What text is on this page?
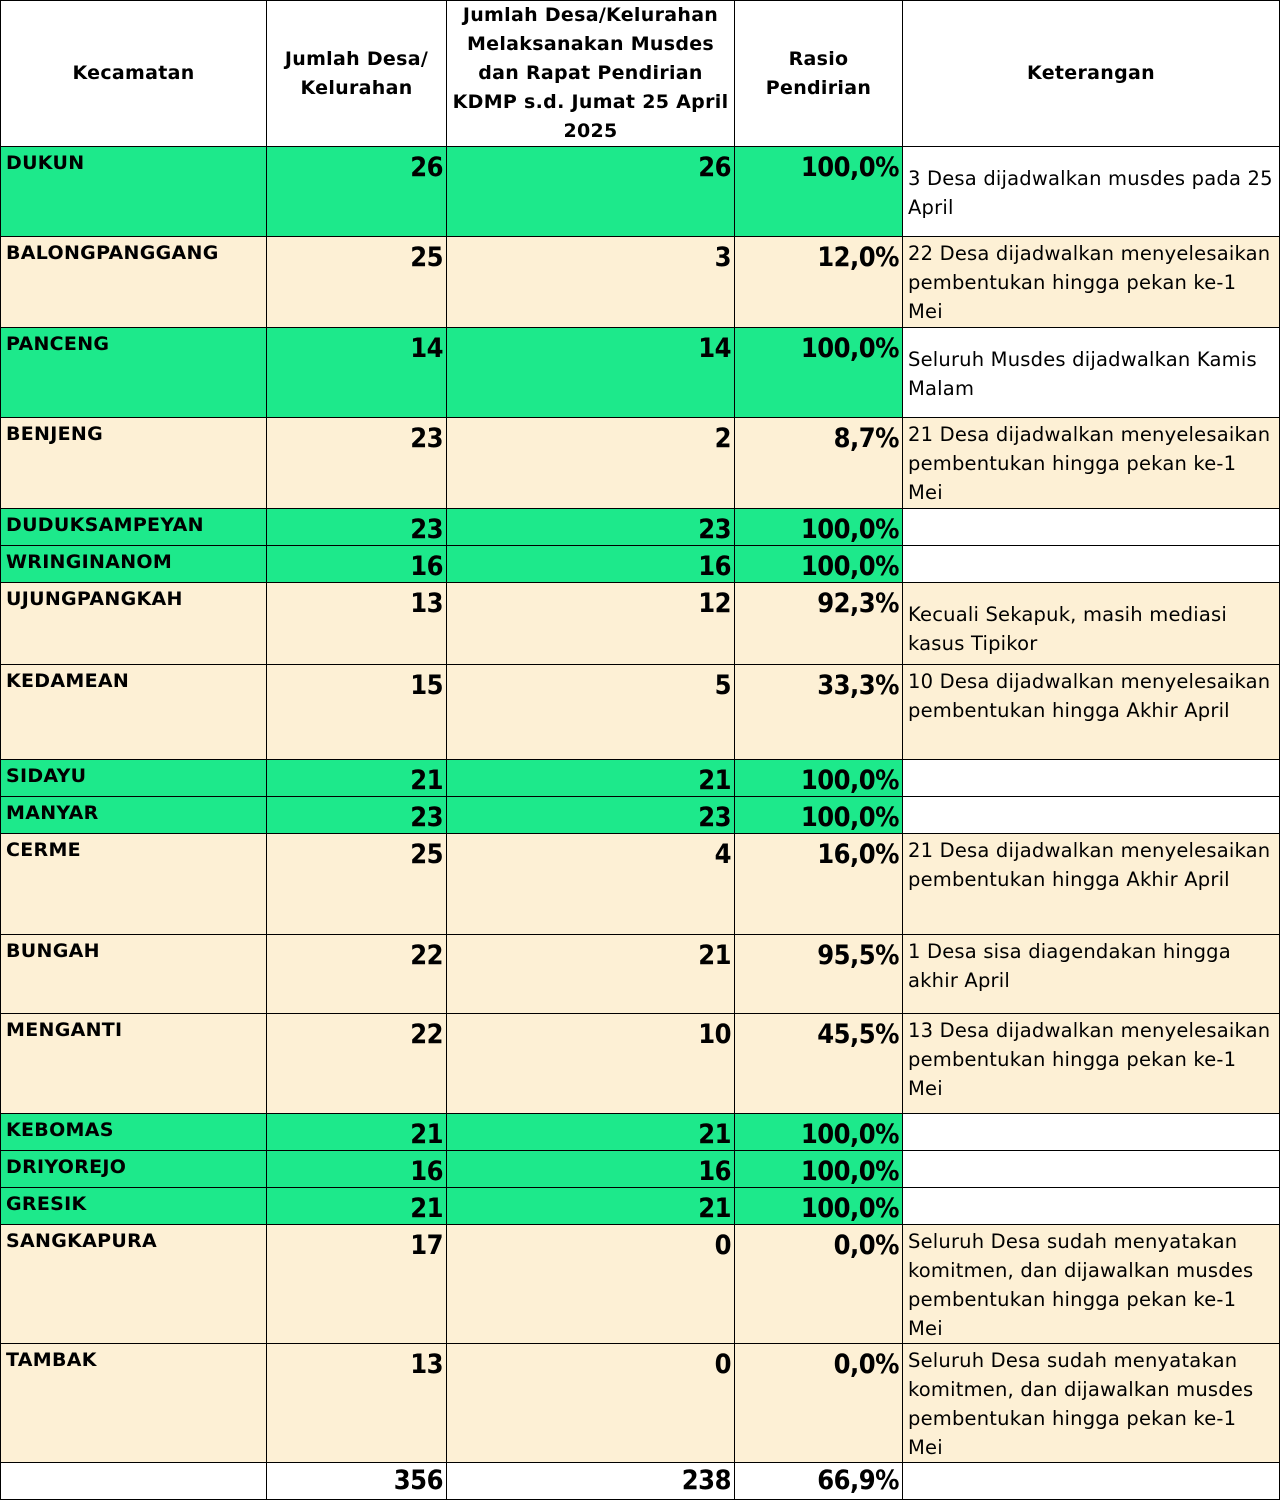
Kecamatan	Jumlah Desa/ Kelurahan	Jumlah Desa/Kelurahan Melaksanakan Musdes dan Rapat Pendirian KDMP s.d. Jumat 25 April 2025	Rasio Pendirian	Keterangan
DUKUN	26	26	100,0%	3 Desa dijadwalkan musdes pada 25 April
BALONGPANGGANG	25	3	12,0%	22 Desa dijadwalkan menyelesaikan pembentukan hingga pekan ke-1 Mei
PANCENG	14	14	100,0%	Seluruh Musdes dijadwalkan Kamis Malam
BENJENG	23	2	8,7%	21 Desa dijadwalkan menyelesaikan pembentukan hingga pekan ke-1 Mei
DUDUKSAMPEYAN	23	23	100,0%	
WRINGINANOM	16	16	100,0%	
UJUNGPANGKAH	13	12	92,3%	Kecuali Sekapuk, masih mediasi kasus Tipikor
KEDAMEAN	15	5	33,3%	10 Desa dijadwalkan menyelesaikan pembentukan hingga Akhir April
SIDAYU	21	21	100,0%	
MANYAR	23	23	100,0%	
CERME	25	4	16,0%	21 Desa dijadwalkan menyelesaikan pembentukan hingga Akhir April
BUNGAH	22	21	95,5%	1 Desa sisa diagendakan hingga akhir April
MENGANTI	22	10	45,5%	13 Desa dijadwalkan menyelesaikan pembentukan hingga pekan ke-1 Mei
KEBOMAS	21	21	100,0%	
DRIYOREJO	16	16	100,0%	
GRESIK	21	21	100,0%	
SANGKAPURA	17	0	0,0%	Seluruh Desa sudah menyatakan komitmen, dan dijawalkan musdes pembentukan hingga pekan ke-1 Mei
TAMBAK	13	0	0,0%	Seluruh Desa sudah menyatakan komitmen, dan dijawalkan musdes pembentukan hingga pekan ke-1 Mei
	356	238	66,9%	
